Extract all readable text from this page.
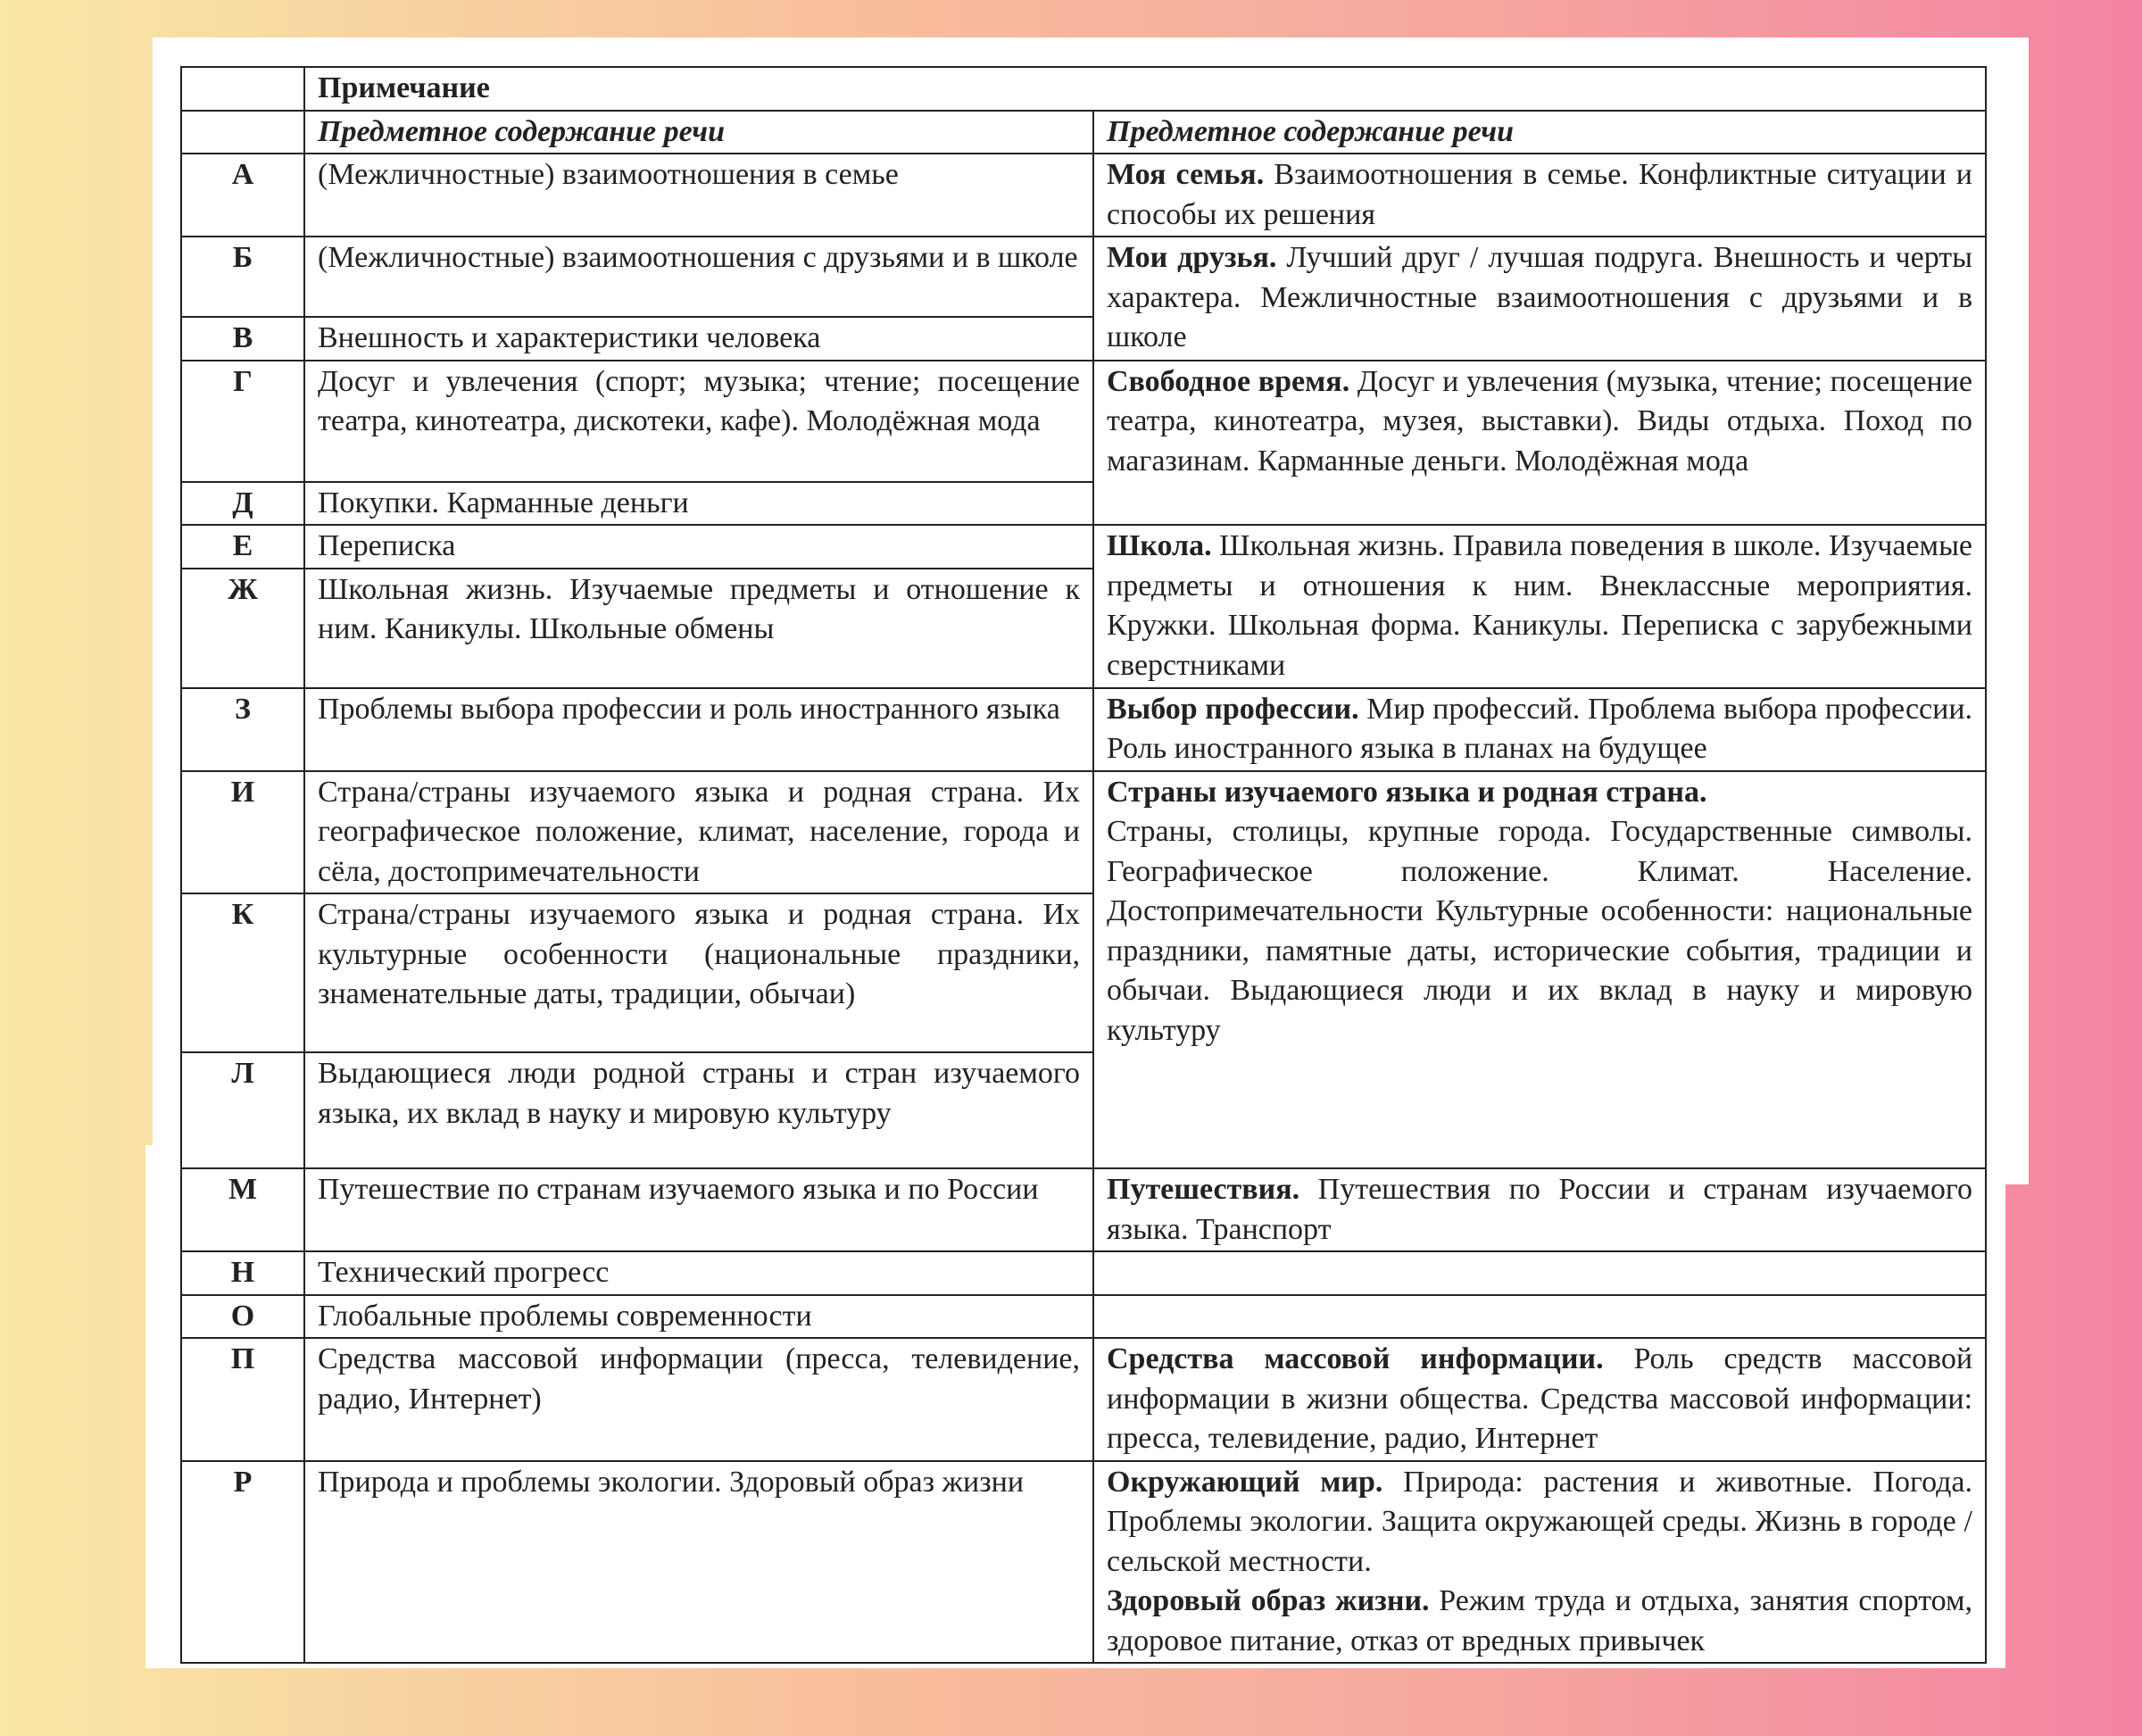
	Примечание	
	Предметное содержание речи	Предметное содержание речи
А	(Межличностные) взаимоотношения в семье	Моя семья. Взаимоотношения в семье. Конфликтные ситуации и способы их решения
Б	(Межличностные) взаимоотношения с друзьями и в школе	Мои друзья. Лучший друг / лучшая подруга. Внешность и черты характера. Межличностные взаимоотношения с друзьями и в школе
В	Внешность и характеристики человека	
Г	Досуг и увлечения (спорт; музыка; чтение; посещение театра, кинотеатра, дискотеки, кафе). Молодёжная мода	Свободное время. Досуг и увлечения (музыка, чтение; посещение театра, кинотеатра, музея, выставки). Виды отдыха. Поход по магазинам. Карманные деньги. Молодёжная мода
Д	Покупки. Карманные деньги	
Е	Переписка	Школа. Школьная жизнь. Правила поведения в школе. Изучаемые предметы и отношения к ним. Внеклассные мероприятия. Кружки. Школьная форма. Каникулы. Переписка с зарубежными сверстниками
Ж	Школьная жизнь. Изучаемые предметы и отношение к ним. Каникулы. Школьные обмены	
З	Проблемы выбора профессии и роль иностранного языка	Выбор профессии. Мир профессий. Проблема выбора профессии. Роль иностранного языка в планах на будущее
И	Страна/страны изучаемого языка и родная страна. Их географическое положение, климат, население, города и сёла, достопримечательности	Страны изучаемого языка и родная страна.
Страны, столицы, крупные города. Государственные символы. Географическое положение. Климат. Население. Достопримечательности Культурные особенности: национальные праздники, памятные даты, исторические события, традиции и обычаи. Выдающиеся люди и их вклад в науку и мировую культуру
К	Страна/страны изучаемого языка и родная страна. Их культурные особенности (национальные праздники, знаменательные даты, традиции, обычаи)	
Л	Выдающиеся люди родной страны и стран изучаемого языка, их вклад в науку и мировую культуру	
М	Путешествие по странам изучаемого языка и по России	Путешествия. Путешествия по России и странам изучаемого языка. Транспорт
Н	Технический прогресс	
О	Глобальные проблемы современности	
П	Средства массовой информации (пресса, телевидение, радио, Интернет)	Средства массовой информации. Роль средств массовой информации в жизни общества. Средства массовой информации: пресса, телевидение, радио, Интернет
Р	Природа и проблемы экологии. Здоровый образ жизни	Окружающий мир. Природа: растения и животные. Погода. Проблемы экологии. Защита окружающей среды. Жизнь в городе / сельской местности.
Здоровый образ жизни. Режим труда и отдыха, занятия спортом, здоровое питание, отказ от вредных привычек
